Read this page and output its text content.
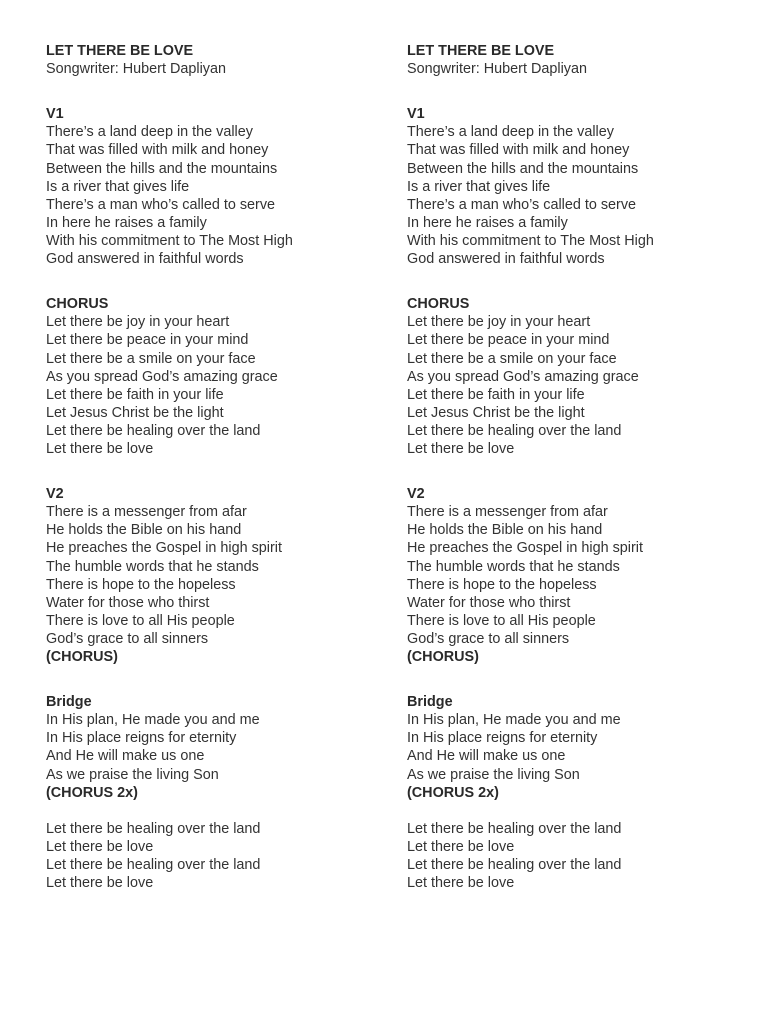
LET THERE BE LOVE
Songwriter: Hubert Dapliyan
V1
There’s a land deep in the valley
That was filled with milk and honey
Between the hills and the mountains
Is a river that gives life
There’s a man who’s called to serve
In here he raises a family
With his commitment to The Most High
God answered in faithful words
CHORUS
Let there be joy in your heart
Let there be peace in your mind
Let there be a smile on your face
As you spread God’s amazing grace
Let there be faith in your life
Let Jesus Christ be the light
Let there be healing over the land
Let there be love
V2
There is a messenger from afar
He holds the Bible on his hand
He preaches the Gospel in high spirit
The humble words that he stands
There is hope to the hopeless
Water for those who thirst
There is love to all His people
God’s grace to all sinners
(CHORUS)
Bridge
In His plan, He made you and me
In His place reigns for eternity
And He will make us one
As we praise the living Son
(CHORUS 2x)
Let there be healing over the land
Let there be love
Let there be healing over the land
Let there be love
LET THERE BE LOVE
Songwriter: Hubert Dapliyan
V1
There’s a land deep in the valley
That was filled with milk and honey
Between the hills and the mountains
Is a river that gives life
There’s a man who’s called to serve
In here he raises a family
With his commitment to The Most High
God answered in faithful words
CHORUS
Let there be joy in your heart
Let there be peace in your mind
Let there be a smile on your face
As you spread God’s amazing grace
Let there be faith in your life
Let Jesus Christ be the light
Let there be healing over the land
Let there be love
V2
There is a messenger from afar
He holds the Bible on his hand
He preaches the Gospel in high spirit
The humble words that he stands
There is hope to the hopeless
Water for those who thirst
There is love to all His people
God’s grace to all sinners
(CHORUS)
Bridge
In His plan, He made you and me
In His place reigns for eternity
And He will make us one
As we praise the living Son
(CHORUS 2x)
Let there be healing over the land
Let there be love
Let there be healing over the land
Let there be love
